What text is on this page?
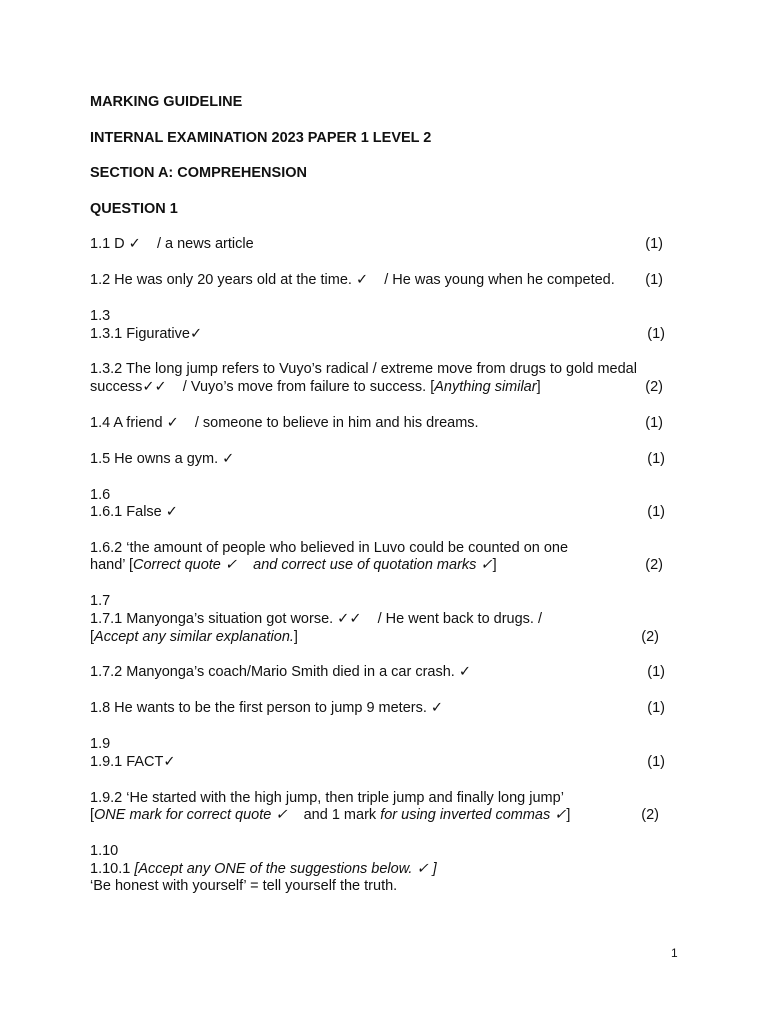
MARKING GUIDELINE
INTERNAL EXAMINATION 2023 PAPER 1 LEVEL 2
SECTION A: COMPREHENSION
QUESTION 1
1.1 D ✓    / a news article	(1)
1.2 He was only 20 years old at the time. ✓    / He was young when he competed. (1)
1.3
1.3.1 Figurative✓	(1)
1.3.2 The long jump refers to Vuyo’s radical / extreme move from drugs to gold medal
success✓✓    / Vuyo’s move from failure to success. [Anything similar]	(2)
1.4 A friend ✓    / someone to believe in him and his dreams.	(1)
1.5 He owns a gym. ✓	(1)
1.6
1.6.1 False ✓	(1)
1.6.2 ‘the amount of people who believed in Luvo could be counted on one
hand’ [Correct quote ✓    and correct use of quotation marks ✓]	(2)
1.7
1.7.1 Manyonga’s situation got worse. ✓✓    / He went back to drugs. /
[Accept any similar explanation.]	(2)
1.7.2 Manyonga’s coach/Mario Smith died in a car crash. ✓	(1)
1.8 He wants to be the first person to jump 9 meters. ✓	(1)
1.9
1.9.1 FACT✓	(1)
1.9.2 ‘He started with the high jump, then triple jump and finally long jump’
[ONE mark for correct quote ✓    and 1 mark for using inverted commas ✓]	(2)
1.10
1.10.1 [Accept any ONE of the suggestions below. ✓ ]
‘Be honest with yourself’ = tell yourself the truth.
1
